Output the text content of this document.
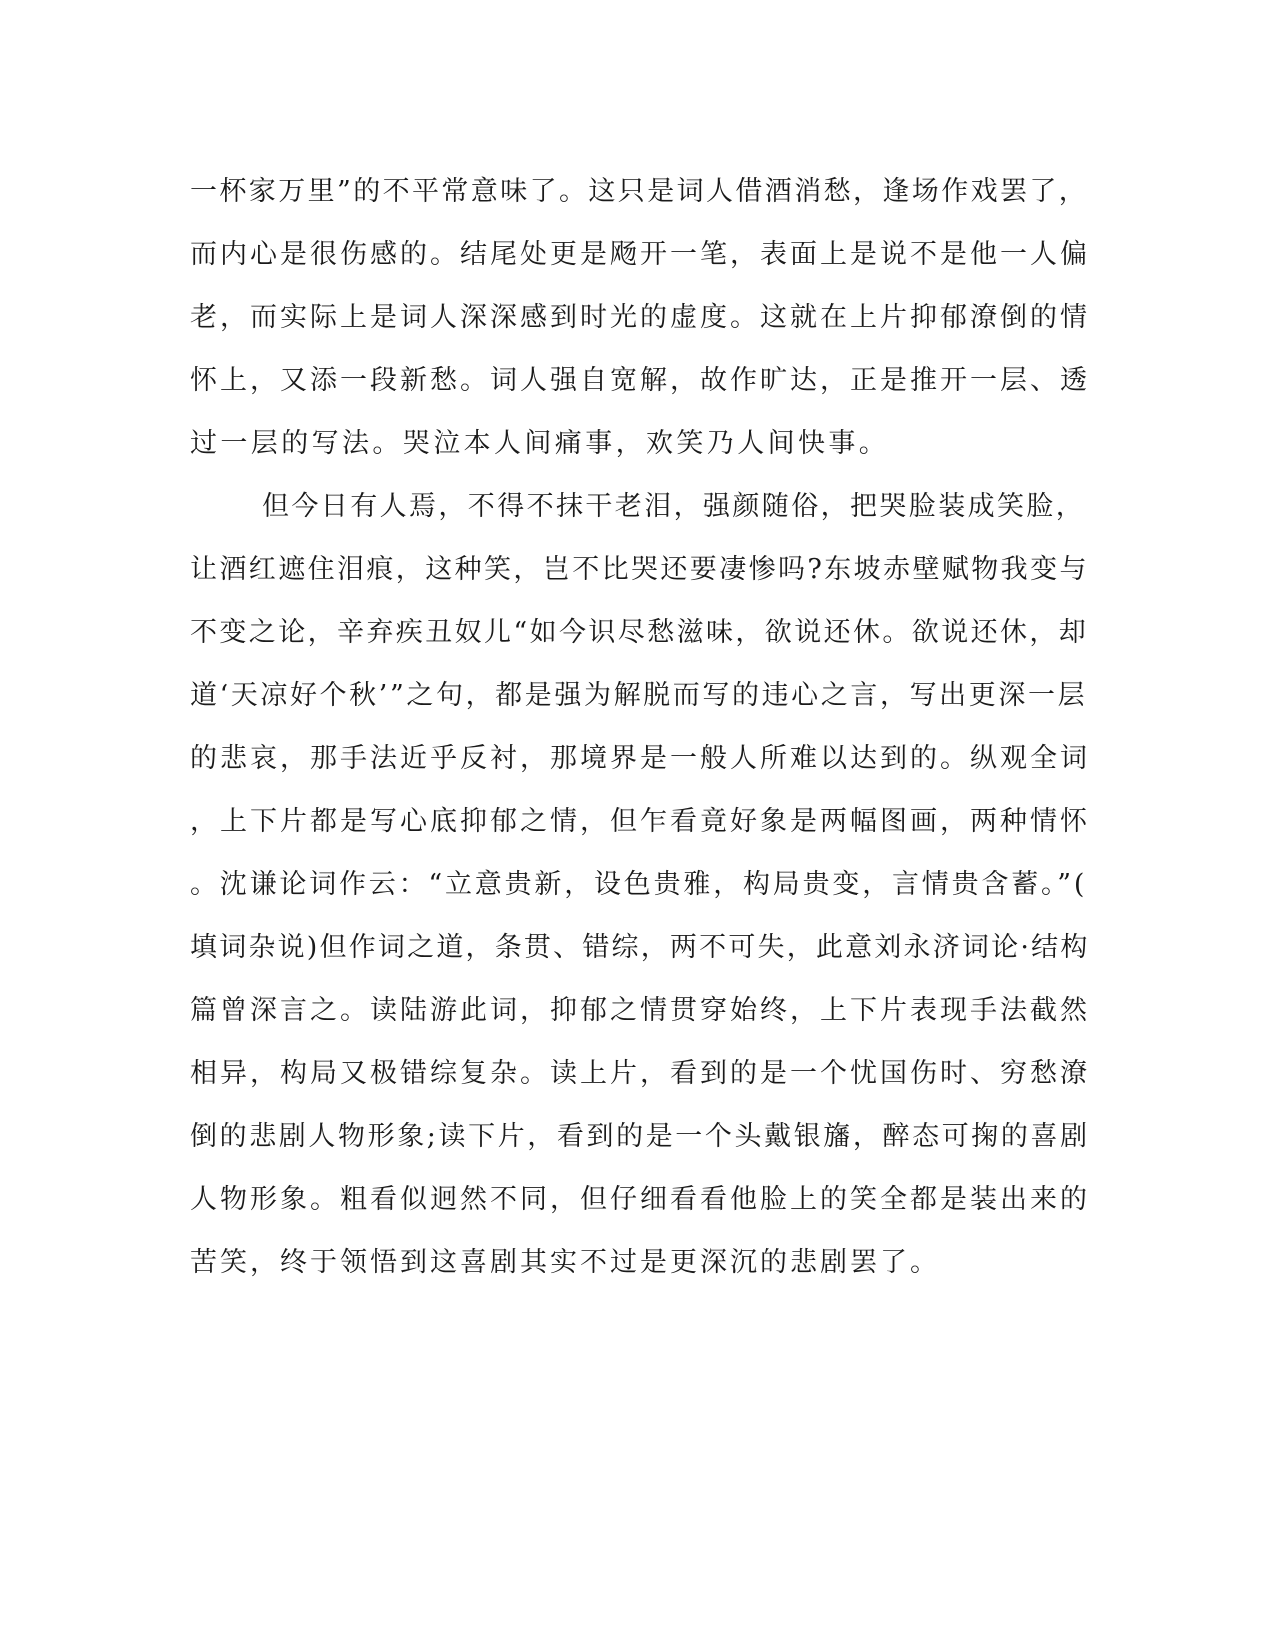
一杯家万里”的不平常意味了。这只是词人借酒消愁，逢场作戏罢了，
而内心是很伤感的。结尾处更是飏开一笔，表面上是说不是他一人偏
老，而实际上是词人深深感到时光的虚度。这就在上片抑郁潦倒的情
怀上，又添一段新愁。词人强自宽解，故作旷达，正是推开一层、透
过一层的写法。哭泣本人间痛事，欢笑乃人间快事。
但今日有人焉，不得不抹干老泪，强颜随俗，把哭脸装成笑脸，
让酒红遮住泪痕，这种笑，岂不比哭还要凄惨吗?东坡赤壁赋物我变与
不变之论，辛弃疾丑奴儿“如今识尽愁滋味，欲说还休。欲说还休，却
道‘天凉好个秋’”之句，都是强为解脱而写的违心之言，写出更深一层
的悲哀，那手法近乎反衬，那境界是一般人所难以达到的。纵观全词
，上下片都是写心底抑郁之情，但乍看竟好象是两幅图画，两种情怀
。沈谦论词作云：“立意贵新，设色贵雅，构局贵变，言情贵含蓄。”(
填词杂说)但作词之道，条贯、错综，两不可失，此意刘永济词论·结构
篇曾深言之。读陆游此词，抑郁之情贯穿始终，上下片表现手法截然
相异，构局又极错综复杂。读上片，看到的是一个忧国伤时、穷愁潦
倒的悲剧人物形象;读下片，看到的是一个头戴银旛，醉态可掬的喜剧
人物形象。粗看似迥然不同，但仔细看看他脸上的笑全都是装出来的
苦笑，终于领悟到这喜剧其实不过是更深沉的悲剧罢了。
